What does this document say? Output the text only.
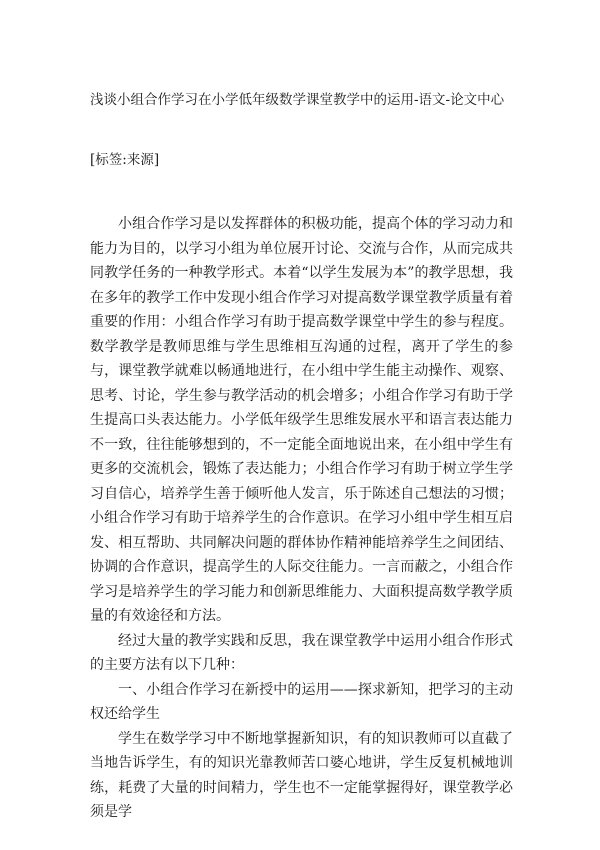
浅谈小组合作学习在小学低年级数学课堂教学中的运用-语文-论文中心
[标签:来源]

小组合作学习是以发挥群体的积极功能，提高个体的学习动力和能力为目的，以学习小组为单位展开讨论、交流与合作，从而完成共同教学任务的一种教学形式。本着“以学生发展为本”的教学思想，我在多年的教学工作中发现小组合作学习对提高数学课堂教学质量有着重要的作用：小组合作学习有助于提高数学课堂中学生的参与程度。数学教学是教师思维与学生思维相互沟通的过程，离开了学生的参与，课堂教学就难以畅通地进行，在小组中学生能主动操作、观察、思考、讨论，学生参与教学活动的机会增多；小组合作学习有助于学生提高口头表达能力。小学低年级学生思维发展水平和语言表达能力不一致，往往能够想到的，不一定能全面地说出来，在小组中学生有更多的交流机会，锻炼了表达能力；小组合作学习有助于树立学生学习自信心，培养学生善于倾听他人发言，乐于陈述自己想法的习惯；小组合作学习有助于培养学生的合作意识。在学习小组中学生相互启发、相互帮助、共同解决问题的群体协作精神能培养学生之间团结、协调的合作意识，提高学生的人际交往能力。一言而蔽之，小组合作学习是培养学生的学习能力和创新思维能力、大面积提高数学教学质量的有效途径和方法。

经过大量的教学实践和反思，我在课堂教学中运用小组合作形式的主要方法有以下几种：

一、小组合作学习在新授中的运用——探求新知，把学习的主动权还给学生

学生在数学学习中不断地掌握新知识，有的知识教师可以直截了当地告诉学生，有的知识光靠教师苦口婆心地讲，学生反复机械地训练，耗费了大量的时间精力，学生也不一定能掌握得好，课堂教学必须是学
